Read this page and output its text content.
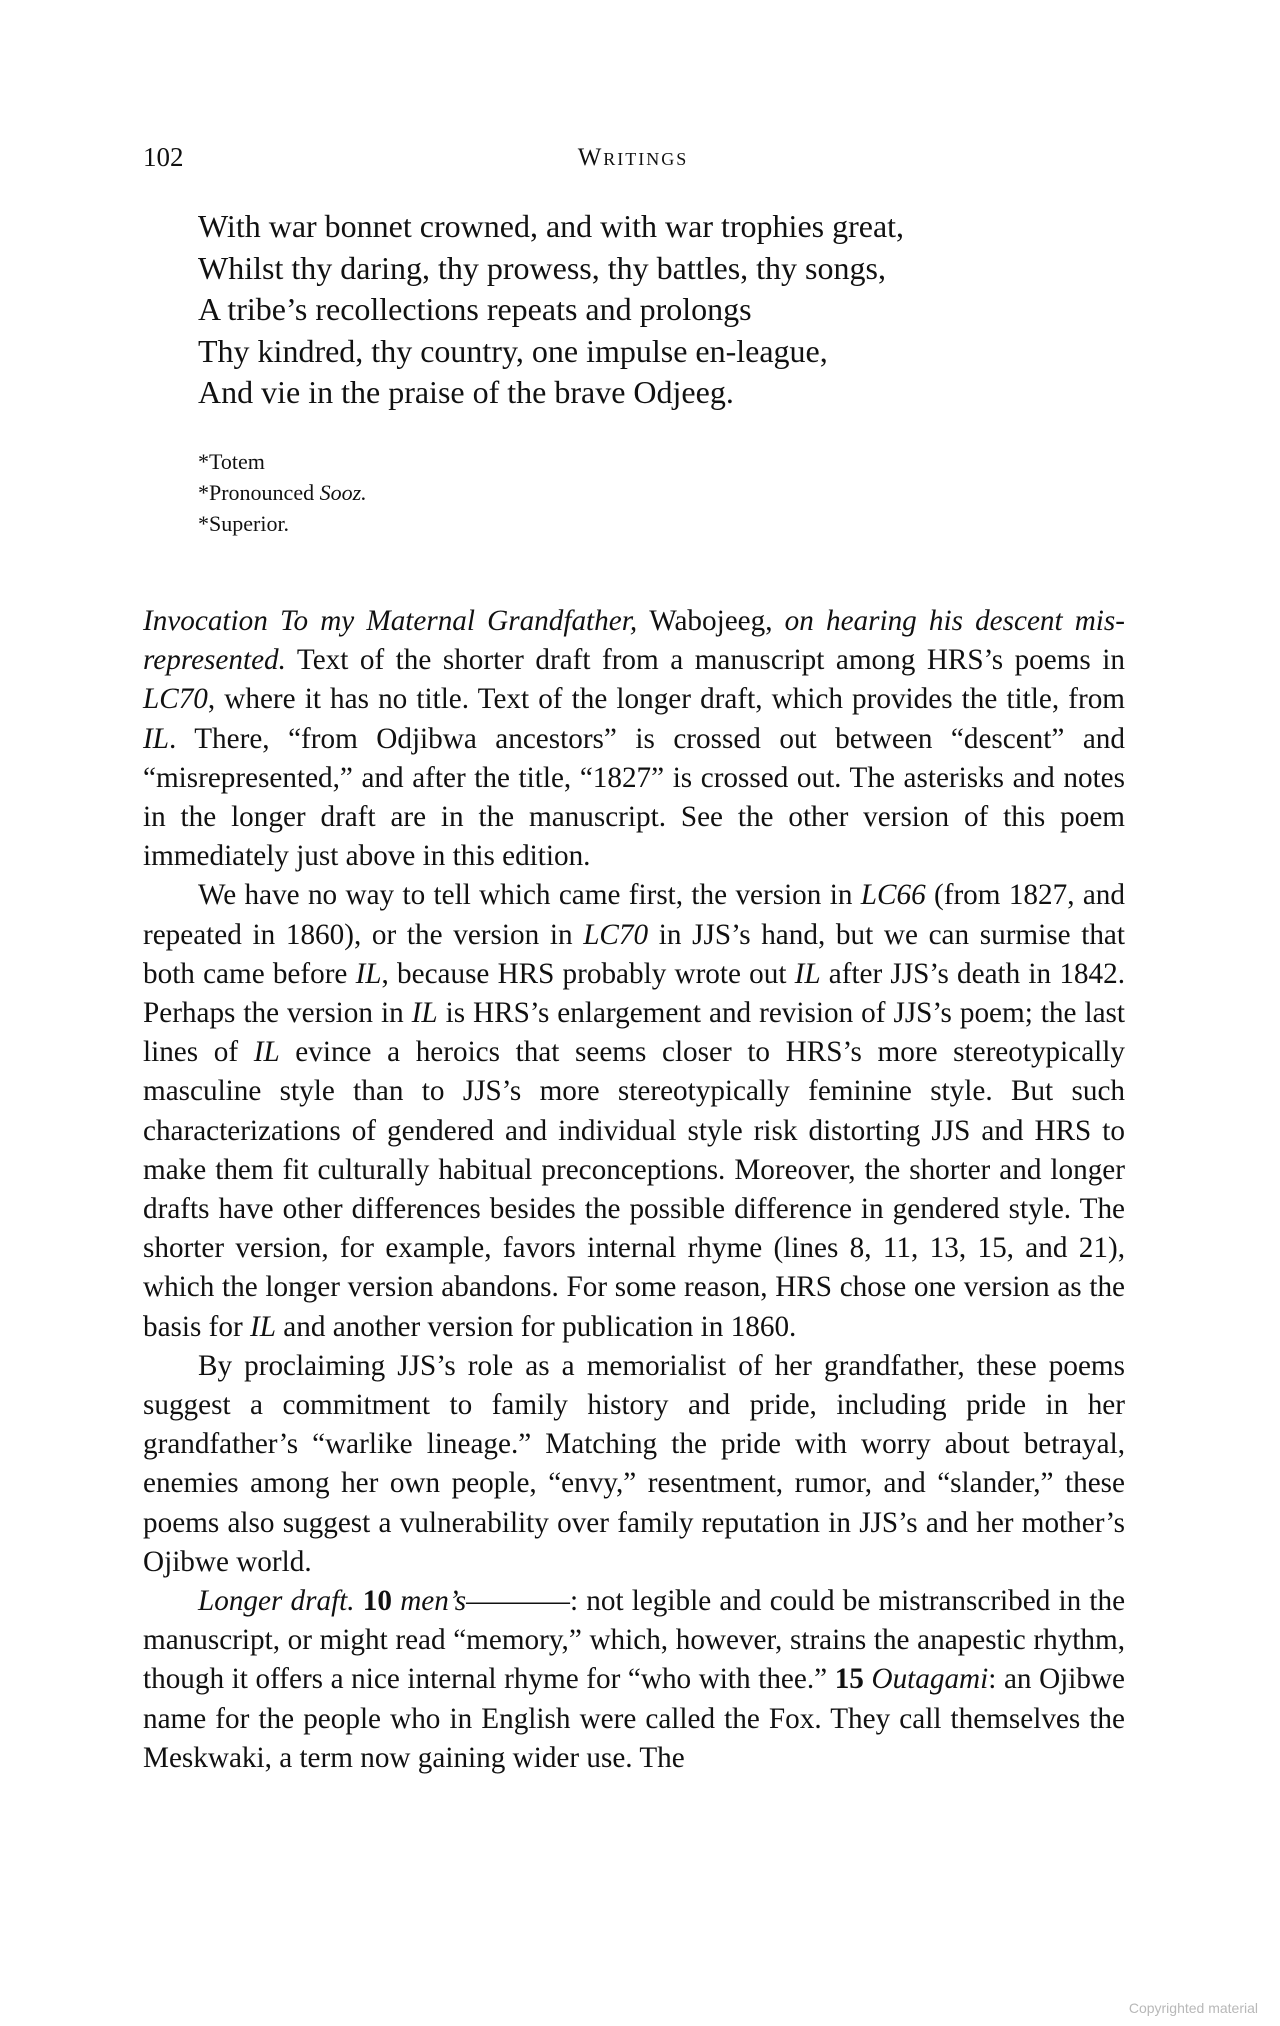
102	Writings
With war bonnet crowned, and with war trophies great,
Whilst thy daring, thy prowess, thy battles, thy songs,
A tribe’s recollections repeats and prolongs
Thy kindred, thy country, one impulse en-league,
And vie in the praise of the brave Odjeeg.
*Totem
*Pronounced Sooz.
*Superior.

Invocation To my Maternal Grandfather, Wabojeeg, on hearing his descent mis-represented. Text of the shorter draft from a manuscript among HRS’s poems in LC70, where it has no title. Text of the longer draft, which provides the title, from IL. There, “from Odjibwa ancestors” is crossed out between “descent” and “misrepresented,” and after the title, “1827” is crossed out. The asterisks and notes in the longer draft are in the manuscript. See the other version of this poem immediately just above in this edition.

We have no way to tell which came first, the version in LC66 (from 1827, and repeated in 1860), or the version in LC70 in JJS’s hand, but we can surmise that both came before IL, because HRS probably wrote out IL after JJS’s death in 1842. Perhaps the version in IL is HRS’s enlargement and revision of JJS’s poem; the last lines of IL evince a heroics that seems closer to HRS’s more stereotypically masculine style than to JJS’s more stereotypically feminine style. But such characterizations of gendered and individual style risk distorting JJS and HRS to make them fit culturally habitual preconceptions. Moreover, the shorter and longer drafts have other differences besides the possible difference in gendered style. The shorter version, for example, favors internal rhyme (lines 8, 11, 13, 15, and 21), which the longer version abandons. For some reason, HRS chose one version as the basis for IL and another version for publication in 1860.

By proclaiming JJS’s role as a memorialist of her grandfather, these poems suggest a commitment to family history and pride, including pride in her grandfather’s “warlike lineage.” Matching the pride with worry about betrayal, enemies among her own people, “envy,” resentment, rumor, and “slander,” these poems also suggest a vulnerability over family reputation in JJS’s and her mother’s Ojibwe world.

Longer draft. 10 men’s————: not legible and could be mistranscribed in the manuscript, or might read “memory,” which, however, strains the anapestic rhythm, though it offers a nice internal rhyme for “who with thee.” 15 Outagami: an Ojibwe name for the people who in English were called the Fox. They call themselves the Meskwaki, a term now gaining wider use. The

Copyrighted material
